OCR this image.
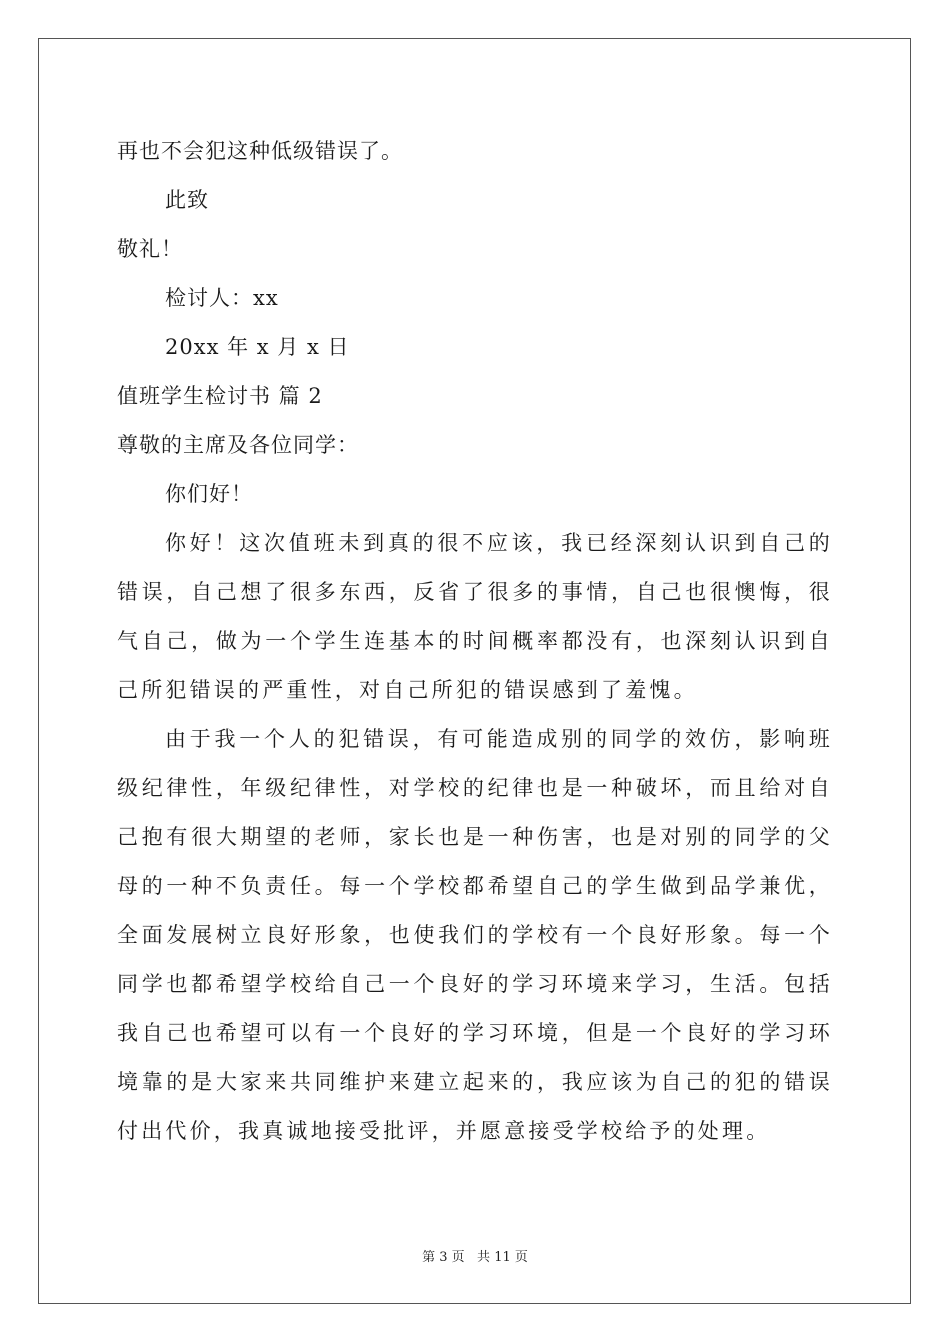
再也不会犯这种低级错误了。
此致
敬礼！
检讨人：xx
20xx 年 x 月 x 日
值班学生检讨书 篇 2
尊敬的主席及各位同学：
你们好！
你好！这次值班未到真的很不应该，我已经深刻认识到自己的错误，自己想了很多东西，反省了很多的事情，自己也很懊悔，很气自己，做为一个学生连基本的时间概率都没有，也深刻认识到自己所犯错误的严重性，对自己所犯的错误感到了羞愧。
由于我一个人的犯错误，有可能造成别的同学的效仿，影响班级纪律性，年级纪律性，对学校的纪律也是一种破坏，而且给对自己抱有很大期望的老师，家长也是一种伤害，也是对别的同学的父母的一种不负责任。每一个学校都希望自己的学生做到品学兼优，全面发展树立良好形象，也使我们的学校有一个良好形象。每一个同学也都希望学校给自己一个良好的学习环境来学习，生活。包括我自己也希望可以有一个良好的学习环境，但是一个良好的学习环境靠的是大家来共同维护来建立起来的，我应该为自己的犯的错误付出代价，我真诚地接受批评，并愿意接受学校给予的处理。
第 3 页   共 11 页
